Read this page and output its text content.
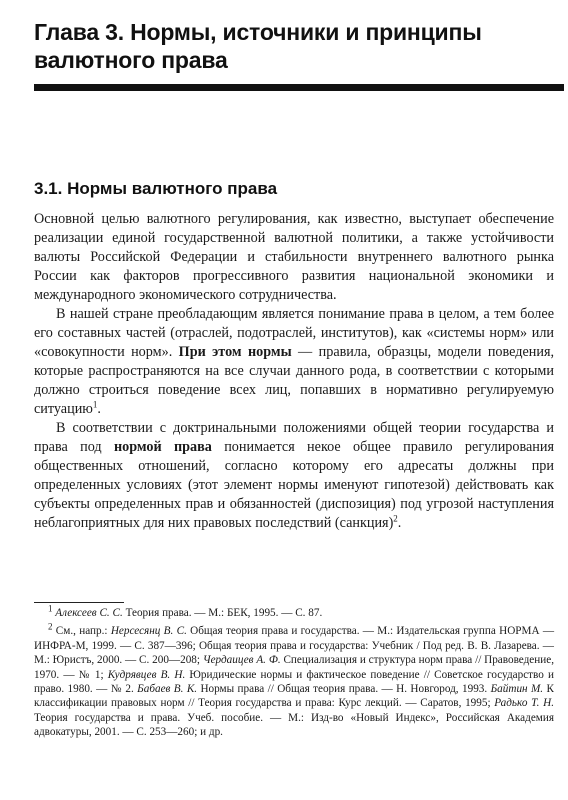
Глава 3. Нормы, источники и принципы валютного права
3.1. Нормы валютного права

Основной целью валютного регулирования, как известно, выступает обеспечение реализации единой государственной валютной политики, а также устойчивости валюты Российской Федерации и стабильности внутреннего валютного рынка России как факторов прогрессивного развития национальной экономики и международного экономического сотрудничества.

В нашей стране преобладающим является понимание права в целом, а тем более его составных частей (отраслей, подотраслей, институтов), как «системы норм» или «совокупности норм». При этом нормы — правила, образцы, модели поведения, которые распространяются на все случаи данного рода, в соответствии с которыми должно строиться поведение всех лиц, попавших в нормативно регулируемую ситуацию$^1$.

В соответствии с доктринальными положениями общей теории государства и права под нормой права понимается некое общее правило регулирования общественных отношений, согласно которому его адресаты должны при определенных условиях (этот элемент нормы именуют гипотезой) действовать как субъекты определенных прав и обязанностей (диспозиция) под угрозой наступления неблагоприятных для них правовых последствий (санкция)$^2$.

$^1$ Алексеев С. С. Теория права. — М.: БЕК, 1995. — С. 87.

$^2$ См., напр.: Нерсесянц В. С. Общая теория права и государства. — М.: Издательская группа НОРМА — ИНФРА-М, 1999. — С. 387—396; Общая теория права и государства: Учебник / Под ред. В. В. Лазарева. — М.: Юристъ, 2000. — С. 200—208; Чердаицев А. Ф. Специализация и структура норм права // Правоведение, 1970. — № 1; Кудрявцев В. Н. Юридические нормы и фактическое поведение // Советское государство и право. 1980. — № 2. Бабаев В. К. Нормы права // Общая теория права. — Н. Новгород, 1993. Байтин М. К классификации правовых норм // Теория государства и права: Курс лекций. — Саратов, 1995; Радько Т. Н. Теория государства и права. Учеб. пособие. — М.: Изд-во «Новый Индекс», Российская Академия адвокатуры, 2001. — С. 253—260; и др.
